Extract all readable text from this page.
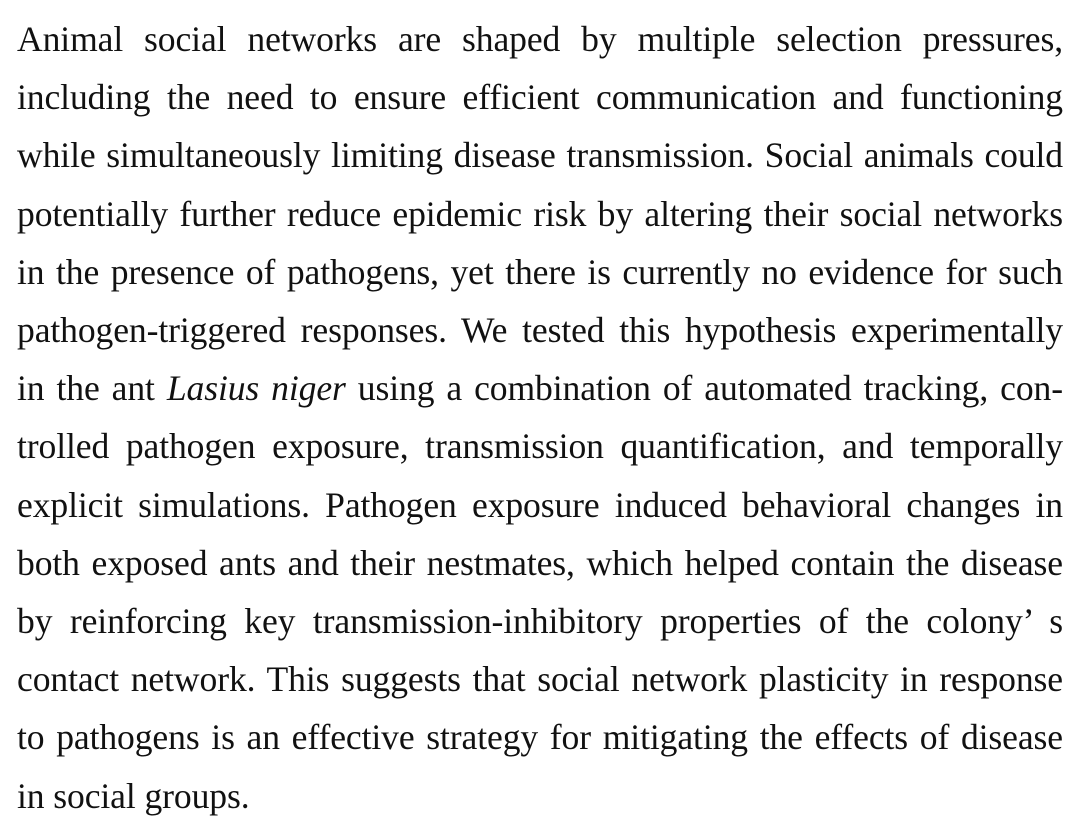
Animal social networks are shaped by multiple selection pressures,
including the need to ensure efficient communication and functioning
while simultaneously limiting disease transmission. Social animals could
potentially further reduce epidemic risk by altering their social networks
in the presence of pathogens, yet there is currently no evidence for such
pathogen-triggered responses. We tested this hypothesis experimentally
in the ant Lasius niger using a combination of automated tracking, con-
trolled pathogen exposure, transmission quantification, and temporally
explicit simulations. Pathogen exposure induced behavioral changes in
both exposed ants and their nestmates, which helped contain the disease
by reinforcing key transmission-inhibitory properties of the colony’ s
contact network. This suggests that social network plasticity in response
to pathogens is an effective strategy for mitigating the effects of disease
in social groups.
